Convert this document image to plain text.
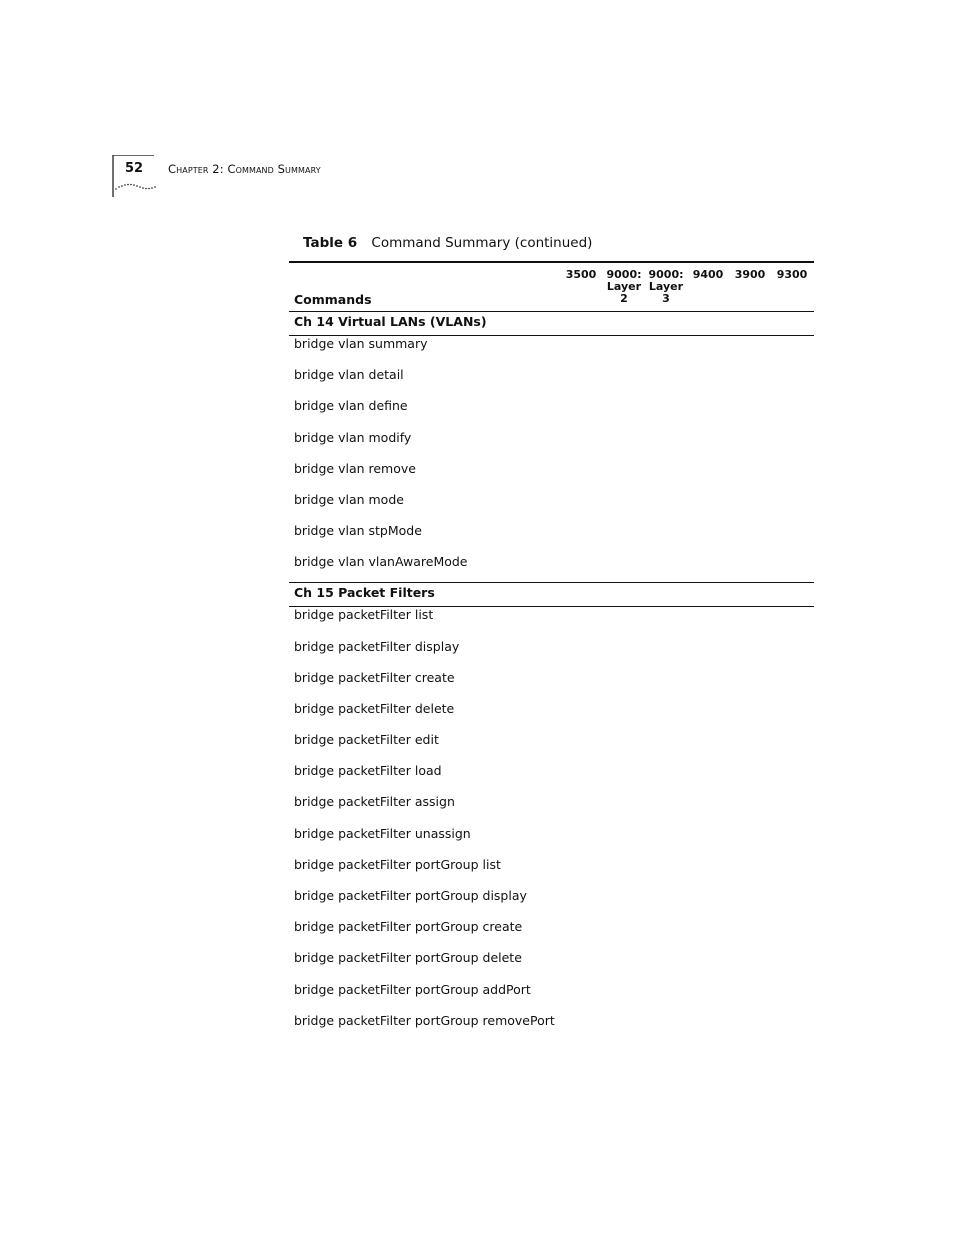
52 Chapter 2: Command Summary
Table 6 Command Summary (continued)
3500 9000:
Layer
2
9000:
Layer
3
9400	3900	9300
Commands
Ch 14 Virtual LANs (VLANs)
bridge vlan summary
bridge vlan detail
bridge vlan define
bridge vlan modify
bridge vlan remove
bridge vlan mode
bridge vlan stpMode
bridge vlan vlanAwareMode
Ch 15 Packet Filters
bridge packetFilter list
bridge packetFilter display
bridge packetFilter create
bridge packetFilter delete
bridge packetFilter edit
bridge packetFilter load
bridge packetFilter assign
bridge packetFilter unassign
bridge packetFilter portGroup list
bridge packetFilter portGroup display
bridge packetFilter portGroup create
bridge packetFilter portGroup delete
bridge packetFilter portGroup addPort
bridge packetFilter portGroup removePort
